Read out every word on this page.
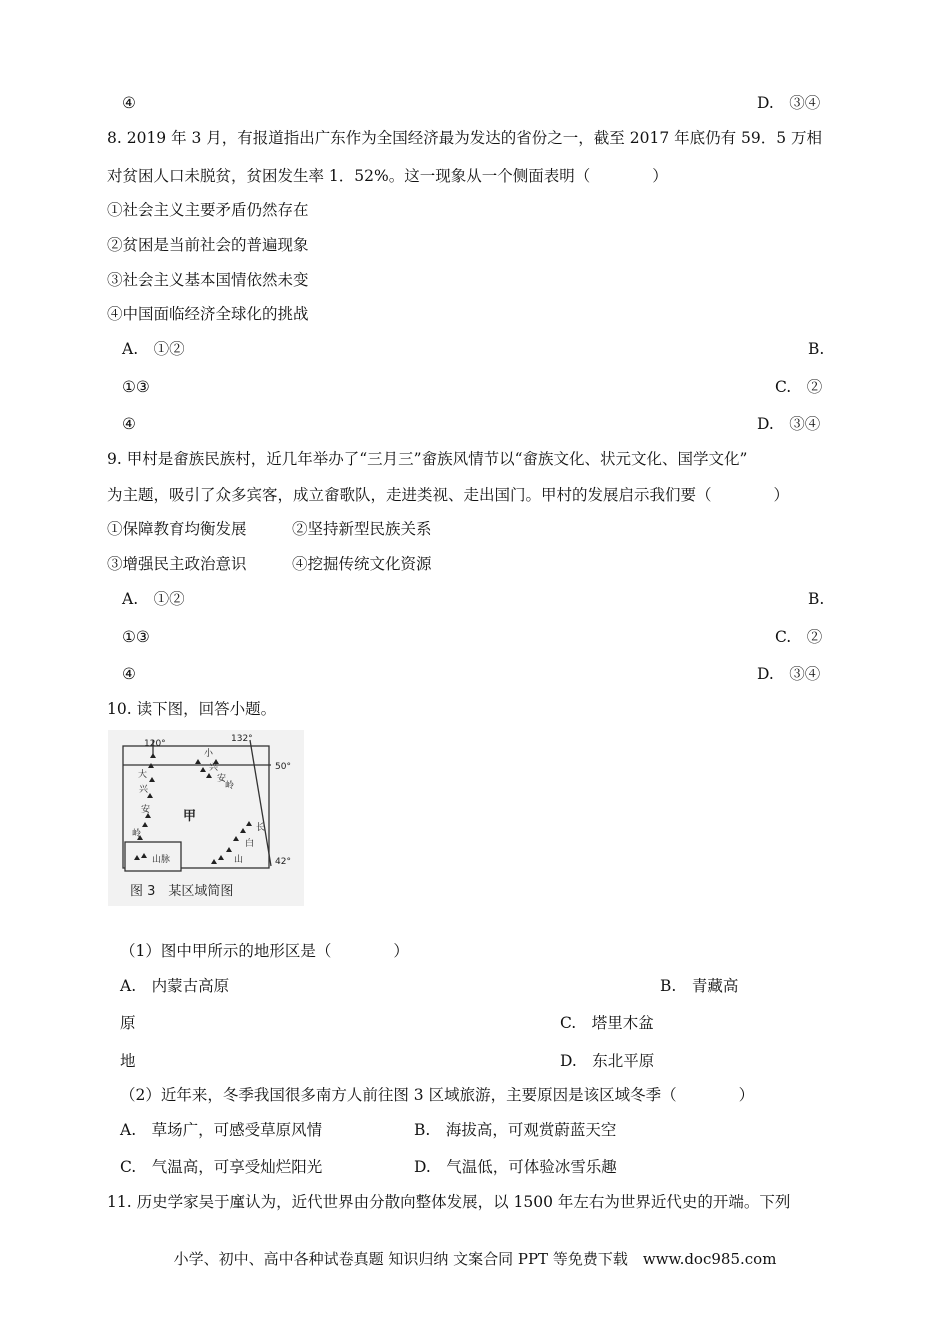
④	D.　③④
8. 2019 年 3 月，有报道指出广东作为全国经济最为发达的省份之一，截至 2017 年底仍有 59．5 万相
对贫困人口未脱贫，贫困发生率 1．52%。这一现象从一个侧面表明（　　　　）
①社会主义主要矛盾仍然存在
②贫困是当前社会的普遍现象
③社会主义基本国情依然未变
④中国面临经济全球化的挑战
A.　①②	B.
①③	C.　②
④	D.　③④
9. 甲村是畲族民族村，近几年举办了“三月三”畲族风情节以“畲族文化、状元文化、国学文化”
为主题，吸引了众多宾客，成立畲歌队，走进类视、走出国门。甲村的发展启示我们要（　　　　）
①保障教育均衡发展	②坚持新型民族关系
③增强民主政治意识	④挖掘传统文化资源
A.　①②	B.
①③	C.　②
④	D.　③④
10. 读下图，回答小题。
120°	132°
50°
42°
甲
大
兴
安
岭
小
兴
安
岭
长
白
山
山脉
图 3　某区域简图
（1）图中甲所示的地形区是（　　　　）
A.　内蒙古高原	B.　青藏高
原	C.　塔里木盆
地	D.　东北平原
（2）近年来，冬季我国很多南方人前往图 3 区域旅游，主要原因是该区域冬季（　　　　）
A.　草场广，可感受草原风情	B.　海拔高，可观赏蔚蓝天空
C.　气温高，可享受灿烂阳光	D.　气温低，可体验冰雪乐趣
11. 历史学家吴于廑认为，近代世界由分散向整体发展，以 1500 年左右为世界近代史的开端。下列
小学、初中、高中各种试卷真题 知识归纳 文案合同 PPT 等免费下载　www.doc985.com
